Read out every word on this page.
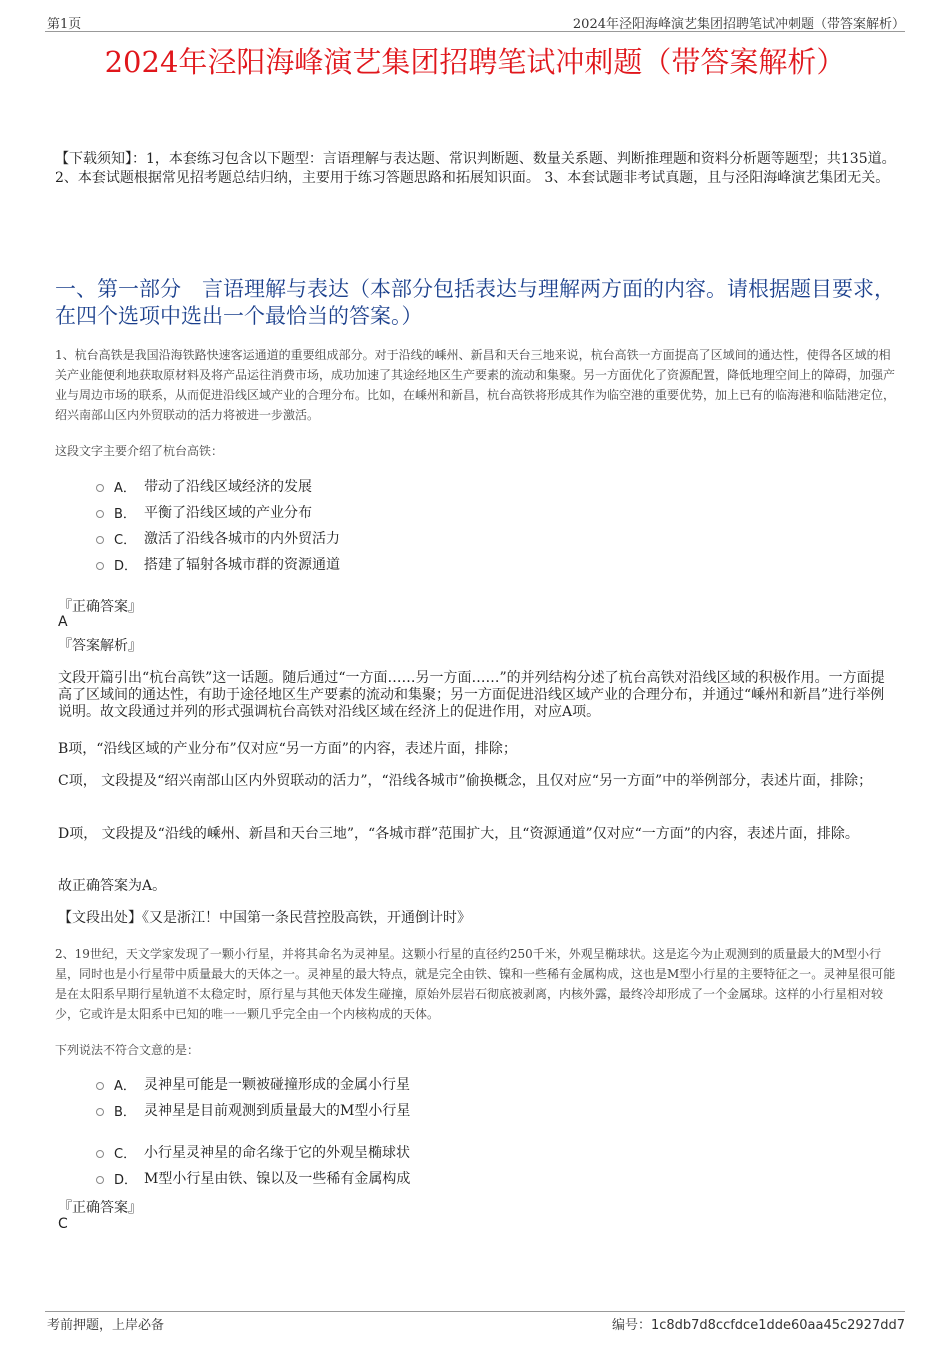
第1页	2024年泾阳海峰演艺集团招聘笔试冲刺题（带答案解析）
2024年泾阳海峰演艺集团招聘笔试冲刺题（带答案解析）
【下载须知】：1，本套练习包含以下题型：言语理解与表达题、常识判断题、数量关系题、判断推理题和资料分析题等题型；共135道。 2、本套试题根据常见招考题总结归纳，主要用于练习答题思路和拓展知识面。 3、本套试题非考试真题，且与泾阳海峰演艺集团无关。
一、第一部分　言语理解与表达（本部分包括表达与理解两方面的内容。请根据题目要求，在四个选项中选出一个最恰当的答案。）
1、杭台高铁是我国沿海铁路快速客运通道的重要组成部分。对于沿线的嵊州、新昌和天台三地来说，杭台高铁一方面提高了区域间的通达性，使得各区域的相关产业能便利地获取原材料及将产品运往消费市场，成功加速了其途经地区生产要素的流动和集聚。另一方面优化了资源配置，降低地理空间上的障碍，加强产业与周边市场的联系，从而促进沿线区域产业的合理分布。比如，在嵊州和新昌，杭台高铁将形成其作为临空港的重要优势，加上已有的临海港和临陆港定位，绍兴南部山区内外贸联动的活力将被进一步激活。
这段文字主要介绍了杭台高铁：
A． 带动了沿线区域经济的发展
B． 平衡了沿线区域的产业分布
C． 激活了沿线各城市的内外贸活力
D． 搭建了辐射各城市群的资源通道
『正确答案』
A
『答案解析』
文段开篇引出“杭台高铁”这一话题。随后通过“一方面……另一方面……”的并列结构分述了杭台高铁对沿线区域的积极作用。一方面提高了区域间的通达性，有助于途径地区生产要素的流动和集聚；另一方面促进沿线区域产业的合理分布，并通过“嵊州和新昌”进行举例说明。故文段通过并列的形式强调杭台高铁对沿线区域在经济上的促进作用，对应A项。
B项，“沿线区域的产业分布”仅对应“另一方面”的内容，表述片面，排除；
C项， 文段提及“绍兴南部山区内外贸联动的活力”，“沿线各城市”偷换概念，且仅对应“另一方面”中的举例部分，表述片面，排除；
D项， 文段提及“沿线的嵊州、新昌和天台三地”，“各城市群”范围扩大，且“资源通道”仅对应“一方面”的内容，表述片面，排除。
故正确答案为A。
【文段出处】《又是浙江！中国第一条民营控股高铁，开通倒计时》
2、19世纪，天文学家发现了一颗小行星，并将其命名为灵神星。这颗小行星的直径约250千米，外观呈椭球状。这是迄今为止观测到的质量最大的M型小行星，同时也是小行星带中质量最大的天体之一。灵神星的最大特点，就是完全由铁、镍和一些稀有金属构成，这也是M型小行星的主要特征之一。灵神星很可能是在太阳系早期行星轨道不太稳定时，原行星与其他天体发生碰撞，原始外层岩石彻底被剥离，内核外露，最终冷却形成了一个金属球。这样的小行星相对较少，它或许是太阳系中已知的唯一一颗几乎完全由一个内核构成的天体。
下列说法不符合文意的是：
A． 灵神星可能是一颗被碰撞形成的金属小行星
B． 灵神星是目前观测到质量最大的M型小行星
C． 小行星灵神星的命名缘于它的外观呈椭球状
D． M型小行星由铁、镍以及一些稀有金属构成
『正确答案』
C
考前押题，上岸必备	编号：1c8db7d8ccfdce1dde60aa45c2927dd7
